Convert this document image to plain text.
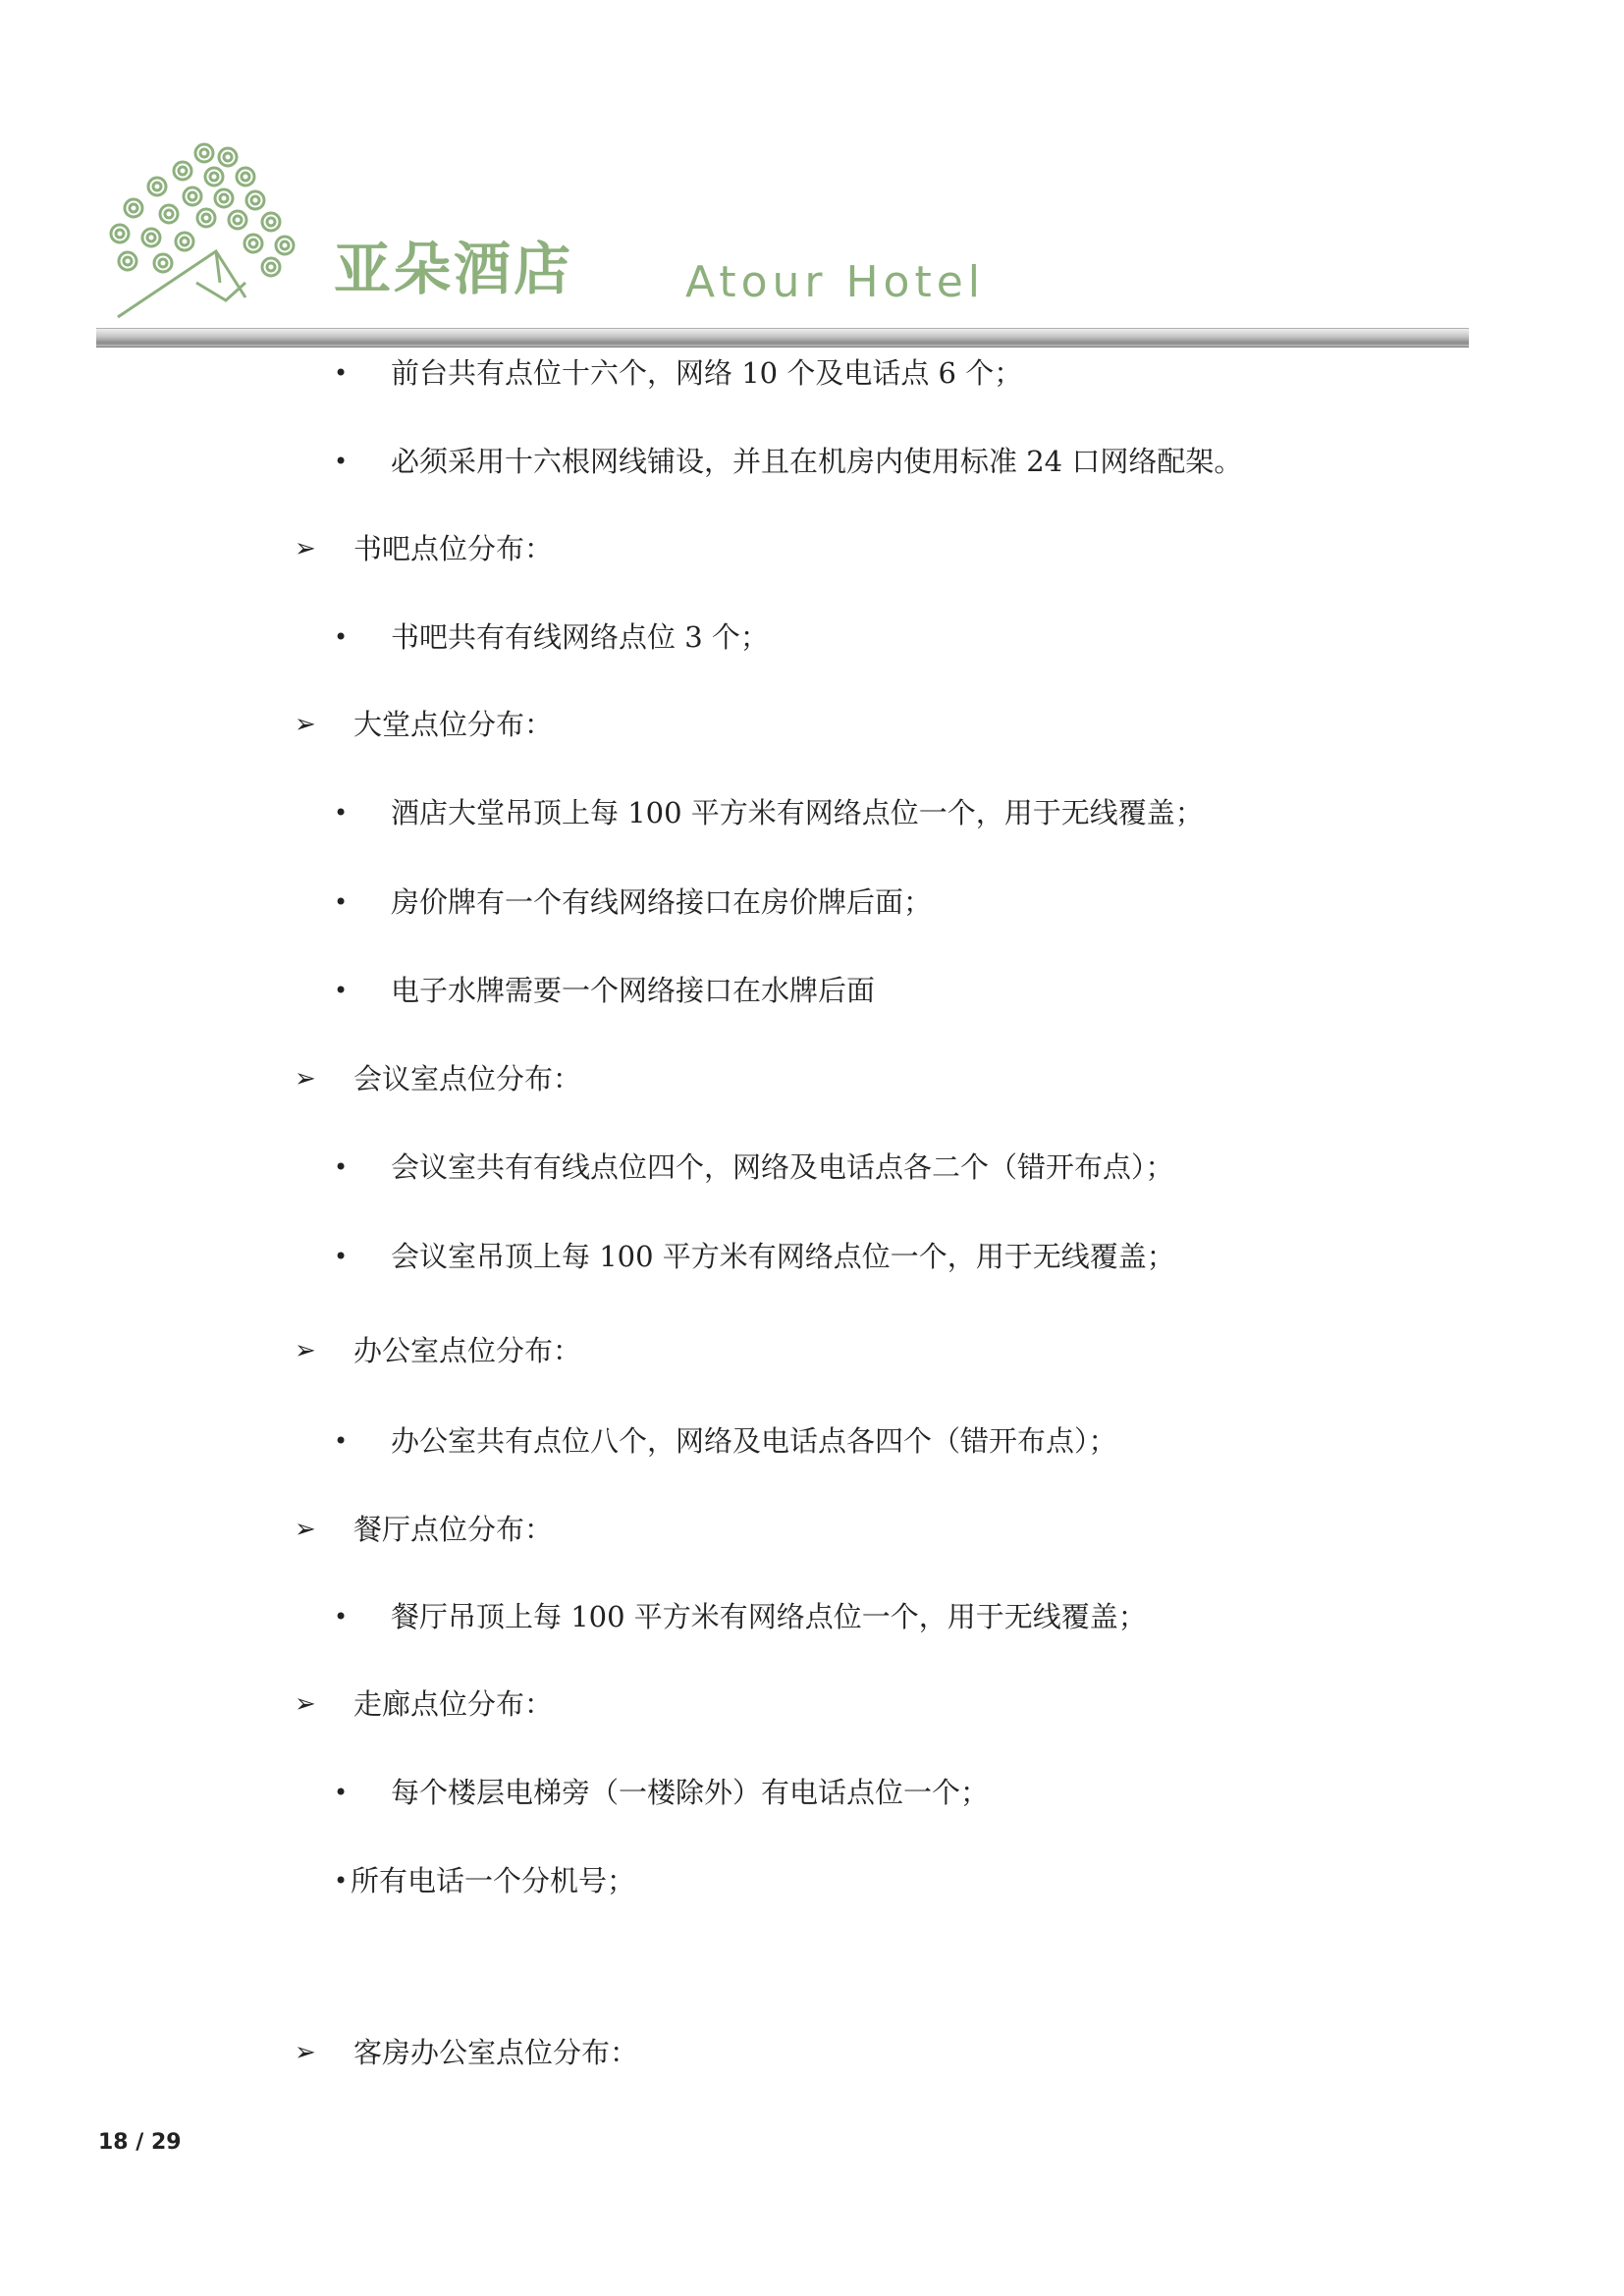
亚朵酒店	Atour Hotel
• 前台共有点位十六个，网络 10 个及电话点 6 个；
• 必须采用十六根网线铺设，并且在机房内使用标准 24 口网络配架。
➢ 书吧点位分布：
• 书吧共有有线网络点位 3 个；
➢ 大堂点位分布：
• 酒店大堂吊顶上每 100 平方米有网络点位一个，用于无线覆盖；
• 房价牌有一个有线网络接口在房价牌后面；
• 电子水牌需要一个网络接口在水牌后面
➢ 会议室点位分布：
• 会议室共有有线点位四个，网络及电话点各二个（错开布点）；
• 会议室吊顶上每 100 平方米有网络点位一个，用于无线覆盖；
➢ 办公室点位分布：
• 办公室共有点位八个，网络及电话点各四个（错开布点）；
➢ 餐厅点位分布：
• 餐厅吊顶上每 100 平方米有网络点位一个，用于无线覆盖；
➢ 走廊点位分布：
• 每个楼层电梯旁（一楼除外）有电话点位一个；
• 所有电话一个分机号；
➢ 客房办公室点位分布：
18 / 29
